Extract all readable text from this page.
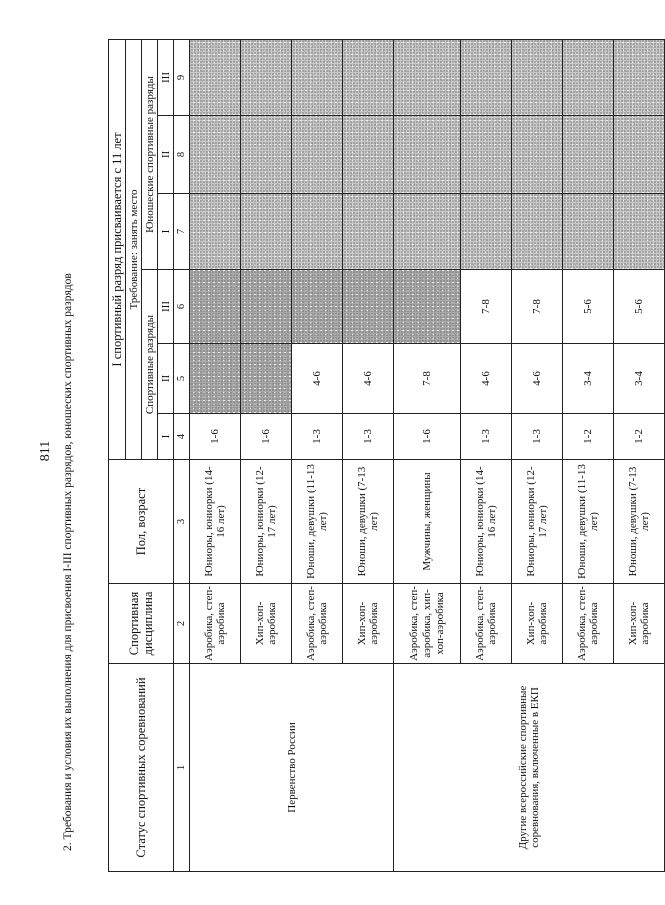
811 2. Требования и условия их выполнения для присвоения I-III спортивных разрядов, юношеских спортивных разрядов	Статус спортивных соревнований	Спортивная дисциплина	Пол, возраст	I спортивный разряд присваивается с 11 лет					
			Требование: занять место					
			Спортивные разряды			Юношеские спортивные разряды		
			I	II	III	I	II	III
1	2	3	4	5	6	7	8	9
Первенство России	Аэробика, степ-аэробика	Юниоры, юниорки (14-16 лет)	1-6					
	Хип-хоп-аэробика	Юниоры, юниорки (12-17 лет)	1-6					
	Аэробика, степ-аэробика	Юноши, девушки (11-13 лет)	1-3	4-6				
	Хип-хоп-аэробика	Юноши, девушки (7-13 лет)	1-3	4-6				
Другие всероссийские спортивные соревнования, включенные в ЕКП	Аэробика, степ-аэробика, хип-хоп-аэробика	Мужчины, женщины	1-6	7-8				
	Аэробика, степ-аэробика	Юниоры, юниорки (14-16 лет)	1-3	4-6	7-8			
	Хип-хоп-аэробика	Юниоры, юниорки (12-17 лет)	1-3	4-6	7-8			
	Аэробика, степ-аэробика	Юноши, девушки (11-13 лет)	1-2	3-4	5-6			
	Хип-хоп-аэробика	Юноши, девушки (7-13 лет)	1-2	3-4	5-6			
